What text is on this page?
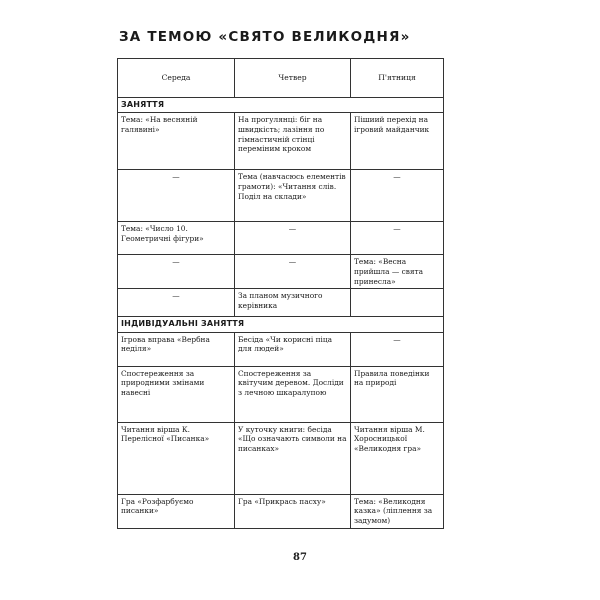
ЗА ТЕМОЮ «СВЯТО ВЕЛИКОДНЯ»
Середа	Четвер	П'ятниця
ЗАНЯТТЯ		
Тема: «На весняній галявині»	На прогулянці: біг на швидкість; лазіння по гімнастичній стінці переміним кроком	Пішиий перехід на ігровий майданчик
—	Тема (навчасюсь елементів грамоти): «Читання слів. Поділ на склади»	—
Тема: «Число 10. Геометричні фігури»	—	—
—	—	Тема: «Весна прийшла — свята принесла»
—	За планом музичного керівника	
ІНДИВІДУАЛЬНІ ЗАНЯТТЯ		
Ігрова вправа «Вербна неділя»	Бесіда «Чи корисні піца для людей»	—
Спостереження за природними змінами навесні	Спостереження за квітучим деревом. Досліди з лечною шкаралупою	Правила поведінки на природі
Читання вірша К. Перелісної «Писанка»	У куточку книги: бесіда «Що означають символи на писанках»	Читання вірша М. Хоросницької «Великодня гра»
Гра «Розфарбуємо писанки»	Гра «Прикрась пасху»	Тема: «Великодня казка» (ліплення за задумом)
87
